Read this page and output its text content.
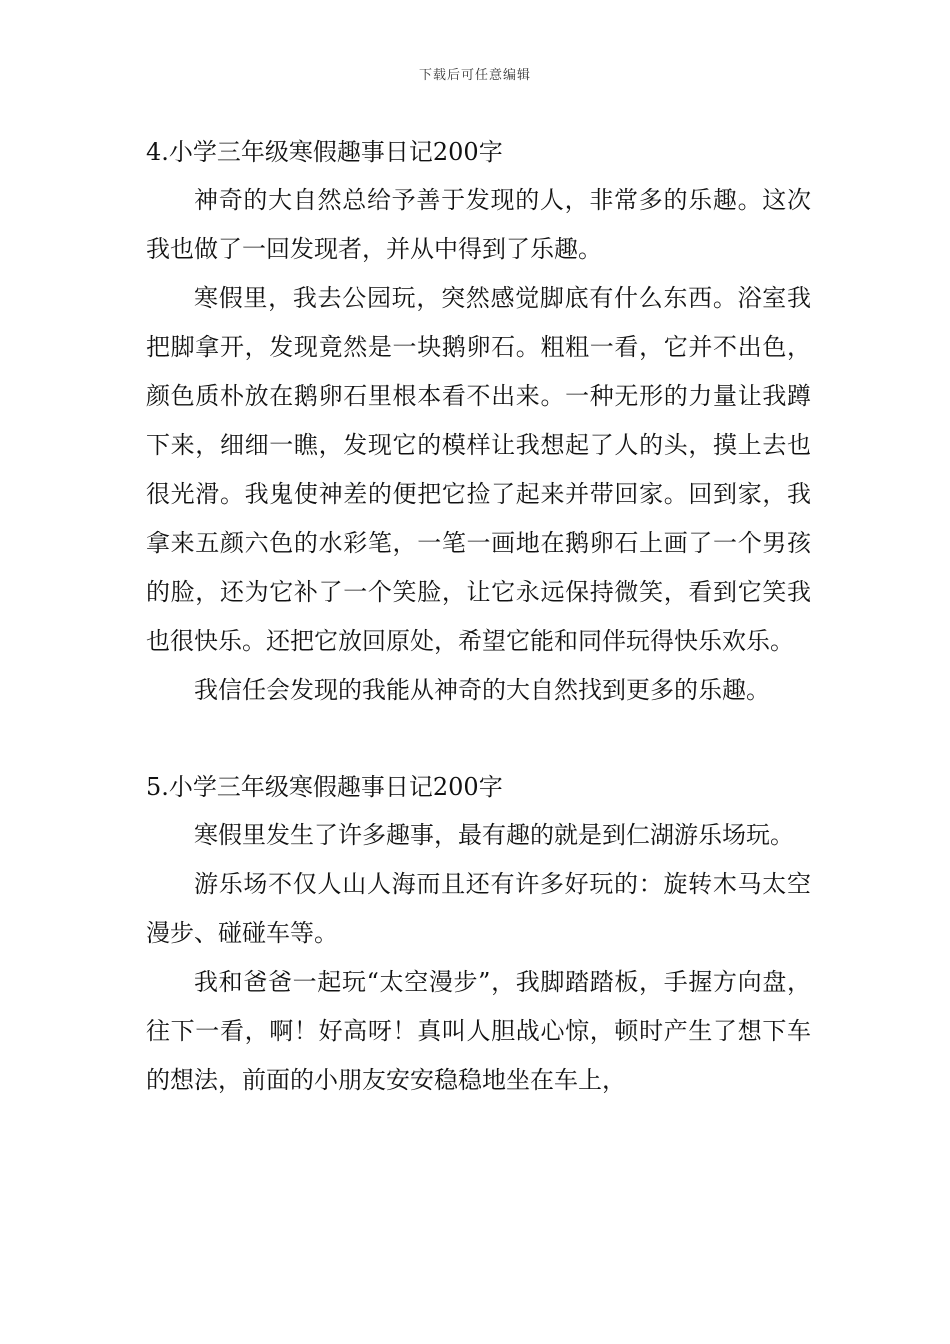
下载后可任意编辑
4.小学三年级寒假趣事日记200字

神奇的大自然总给予善于发现的人，非常多的乐趣。这次我也做了一回发现者，并从中得到了乐趣。

寒假里，我去公园玩，突然感觉脚底有什么东西。浴室我把脚拿开，发现竟然是一块鹅卵石。粗粗一看，它并不出色，颜色质朴放在鹅卵石里根本看不出来。一种无形的力量让我蹲下来，细细一瞧，发现它的模样让我想起了人的头，摸上去也很光滑。我鬼使神差的便把它捡了起来并带回家。回到家，我拿来五颜六色的水彩笔，一笔一画地在鹅卵石上画了一个男孩的脸，还为它补了一个笑脸，让它永远保持微笑，看到它笑我也很快乐。还把它放回原处，希望它能和同伴玩得快乐欢乐。

我信任会发现的我能从神奇的大自然找到更多的乐趣。

5.小学三年级寒假趣事日记200字

寒假里发生了许多趣事，最有趣的就是到仁湖游乐场玩。

游乐场不仅人山人海而且还有许多好玩的：旋转木马太空漫步、碰碰车等。

我和爸爸一起玩“太空漫步”，我脚踏踏板，手握方向盘，往下一看，啊！好高呀！真叫人胆战心惊，顿时产生了想下车的想法，前面的小朋友安安稳稳地坐在车上，
